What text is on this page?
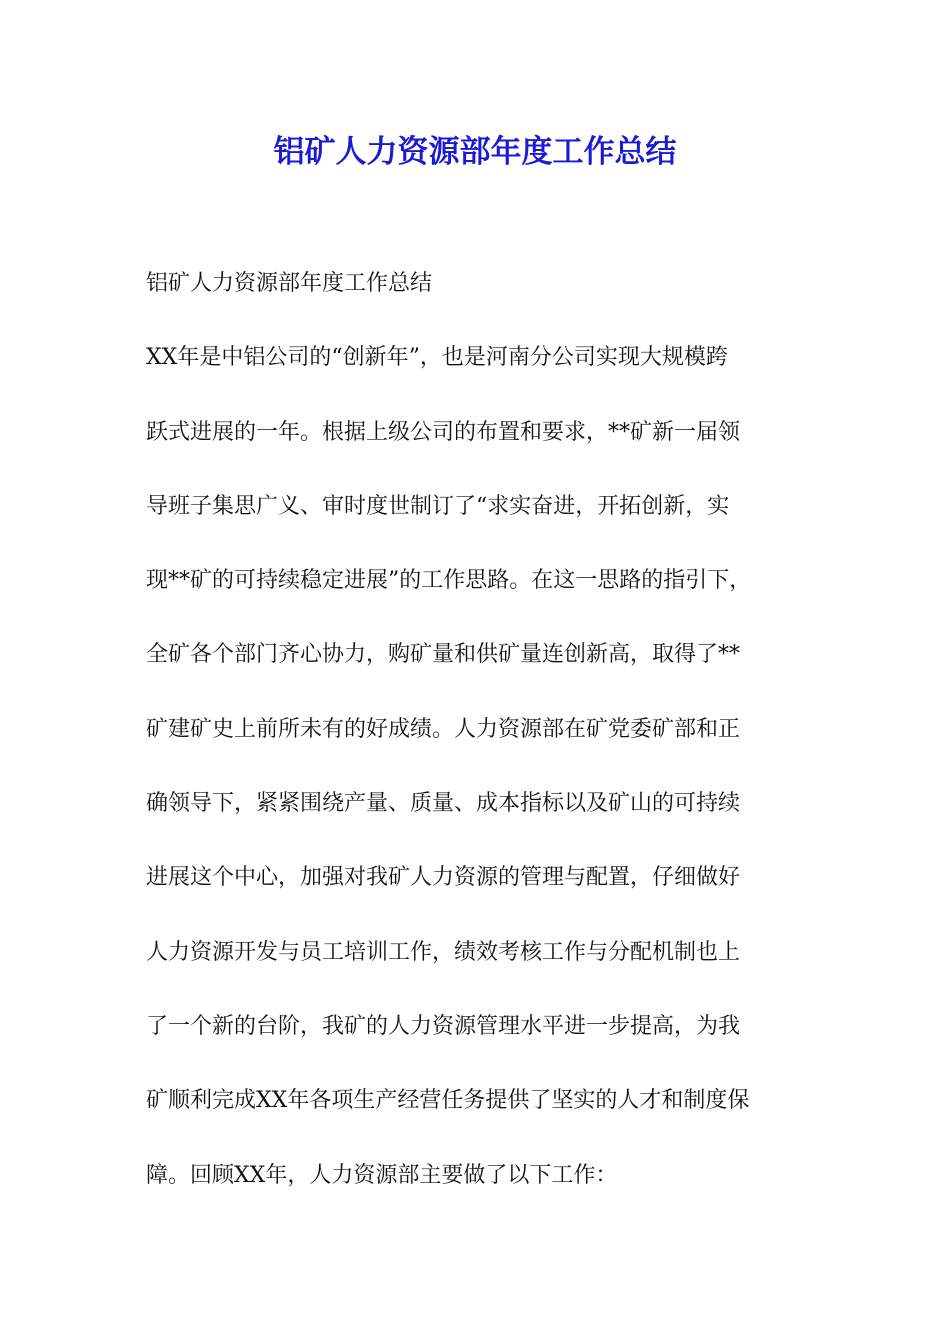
铝矿人力资源部年度工作总结
铝矿人力资源部年度工作总结
XX年是中铝公司的“创新年”，也是河南分公司实现大规模跨
跃式进展的一年。根据上级公司的布置和要求，**矿新一届领
导班子集思广义、审时度世制订了“求实奋进，开拓创新，实
现**矿的可持续稳定进展”的工作思路。在这一思路的指引下，
全矿各个部门齐心协力，购矿量和供矿量连创新高，取得了**
矿建矿史上前所未有的好成绩。人力资源部在矿党委矿部和正
确领导下，紧紧围绕产量、质量、成本指标以及矿山的可持续
进展这个中心，加强对我矿人力资源的管理与配置，仔细做好
人力资源开发与员工培训工作，绩效考核工作与分配机制也上
了一个新的台阶，我矿的人力资源管理水平进一步提高，为我
矿顺利完成XX年各项生产经营任务提供了坚实的人才和制度保
障。回顾XX年，人力资源部主要做了以下工作：
